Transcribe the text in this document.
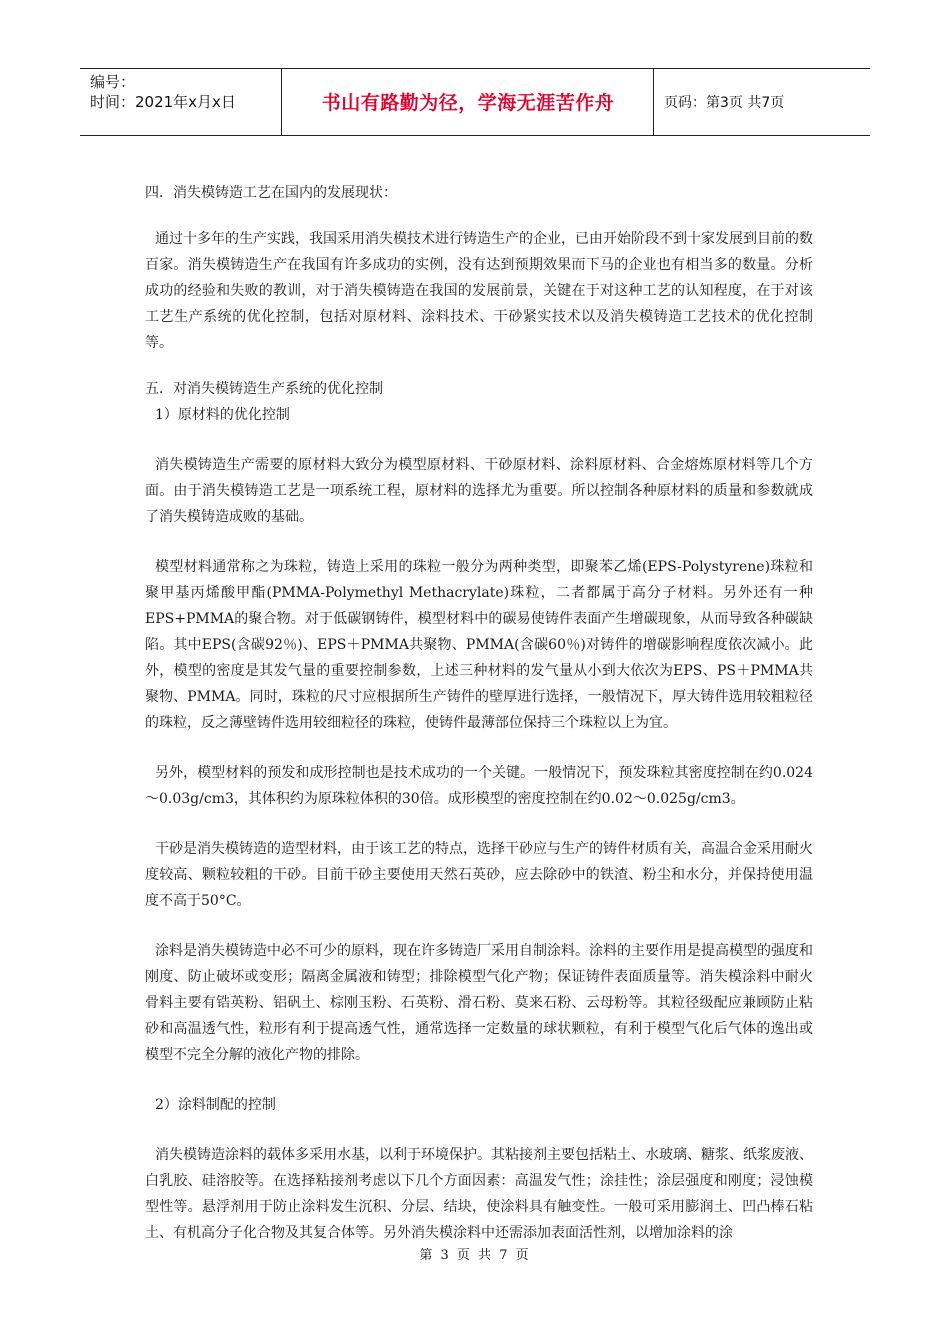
编号：
时间：2021年x月x日	书山有路勤为径，学海无涯苦作舟	页码：第3页 共7页

四．消失模铸造工艺在国内的发展现状：

通过十多年的生产实践，我国采用消失模技术进行铸造生产的企业，已由开始阶段不到十家发展到目前的数百家。消失模铸造生产在我国有许多成功的实例，没有达到预期效果而下马的企业也有相当多的数量。分析成功的经验和失败的教训，对于消失模铸造在我国的发展前景，关键在于对这种工艺的认知程度，在于对该工艺生产系统的优化控制，包括对原材料、涂料技术、干砂紧实技术以及消失模铸造工艺技术的优化控制等。

五．对消失模铸造生产系统的优化控制

1）原材料的优化控制

消失模铸造生产需要的原材料大致分为模型原材料、干砂原材料、涂料原材料、合金熔炼原材料等几个方面。由于消失模铸造工艺是一项系统工程，原材料的选择尤为重要。所以控制各种原材料的质量和参数就成了消失模铸造成败的基础。

模型材料通常称之为珠粒，铸造上采用的珠粒一般分为两种类型，即聚苯乙烯(EPS-Polystyrene)珠粒和聚甲基丙烯酸甲酯(PMMA-Polymethyl Methacrylate)珠粒，二者都属于高分子材料。另外还有一种EPS+PMMA的聚合物。对于低碳钢铸件，模型材料中的碳易使铸件表面产生增碳现象，从而导致各种碳缺陷。其中EPS(含碳92％)、EPS＋PMMA共聚物、PMMA(含碳60％)对铸件的增碳影响程度依次减小。此外，模型的密度是其发气量的重要控制参数，上述三种材料的发气量从小到大依次为EPS、PS＋PMMA共聚物、PMMA。同时，珠粒的尺寸应根据所生产铸件的壁厚进行选择，一般情况下，厚大铸件选用较粗粒径的珠粒，反之薄壁铸件选用较细粒径的珠粒，使铸件最薄部位保持三个珠粒以上为宜。

另外，模型材料的预发和成形控制也是技术成功的一个关键。一般情况下，预发珠粒其密度控制在约0.024～0.03g/cm3，其体积约为原珠粒体积的30倍。成形模型的密度控制在约0.02～0.025g/cm3。

干砂是消失模铸造的造型材料，由于该工艺的特点，选择干砂应与生产的铸件材质有关，高温合金采用耐火度较高、颗粒较粗的干砂。目前干砂主要使用天然石英砂，应去除砂中的铁渣、粉尘和水分，并保持使用温度不高于50°C。

涂料是消失模铸造中必不可少的原料，现在许多铸造厂采用自制涂料。涂料的主要作用是提高模型的强度和刚度、防止破坏或变形；隔离金属液和铸型；排除模型气化产物；保证铸件表面质量等。消失模涂料中耐火骨料主要有锆英粉、铝矾土、棕刚玉粉、石英粉、滑石粉、莫来石粉、云母粉等。其粒径级配应兼顾防止粘砂和高温透气性，粒形有利于提高透气性，通常选择一定数量的球状颗粒，有利于模型气化后气体的逸出或模型不完全分解的液化产物的排除。

2）涂料制配的控制

消失模铸造涂料的载体多采用水基，以利于环境保护。其粘接剂主要包括粘土、水玻璃、糖浆、纸浆废液、白乳胶、硅溶胶等。在选择粘接剂考虑以下几个方面因素：高温发气性；涂挂性；涂层强度和刚度；浸蚀模型性等。悬浮剂用于防止涂料发生沉积、分层、结块，使涂料具有触变性。一般可采用膨润土、凹凸棒石粘土、有机高分子化合物及其复合体等。另外消失模涂料中还需添加表面活性剂，以增加涂料的涂

第 3 页 共 7 页
